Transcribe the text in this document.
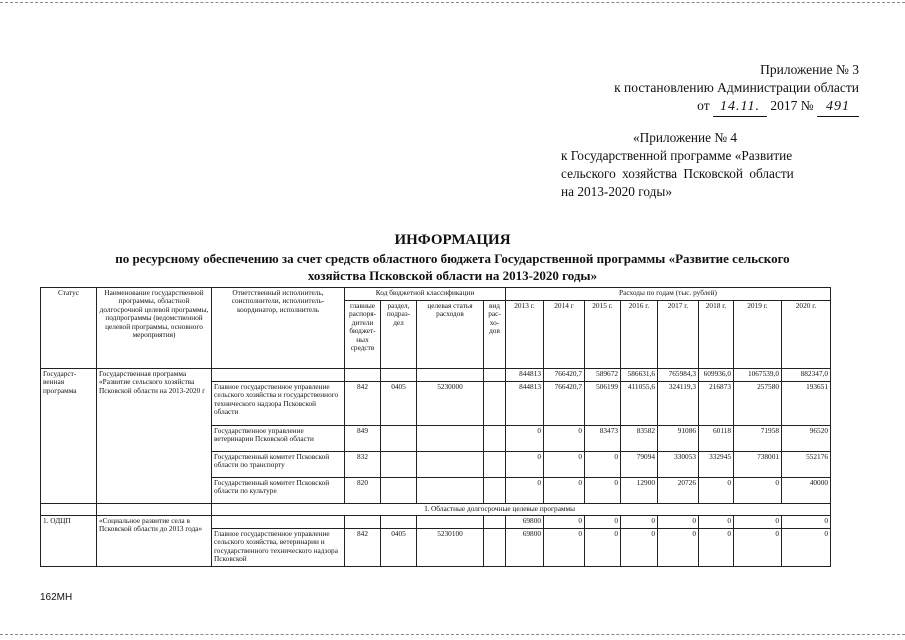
Приложение № 3
к постановлению Администрации области
от 14.11. 2017 № 491
«Приложение № 4
к Государственной программе «Развитие
сельского хозяйства Псковской области
на 2013-2020 годы»
ИНФОРМАЦИЯ
по ресурсному обеспечению за счет средств областного бюджета Государственной программы «Развитие сельского
хозяйства Псковской области на 2013-2020 годы»
Статус	Наименование государственной программы, областной долгосрочной целевой программы, подпрограммы (ведомственной целевой программы, основного мероприятия)	Ответственный исполнитель, соисполнители, исполнитель-координатор, исполнитель	Код бюджетной классификации				Расходы по годам (тыс. рублей)							
			главные распоря-дители бюджет-ных средств	раздел, подраз-дел	целевая статья расходов	вид рас-хо-дов	2013 г.	2014 г	2015 г.	2016 г.	2017 г.	2018 г.	2019 г.	2020 г.
Государст-венная программа	Государственная программа «Развитие сельского хозяйства Псковской области на 2013-2020 г						844813	766420,7	589672	586631,6	765984,3	609936,0	1067539,0	882347,0
		Главное государственное управление сельского хозяйства и государственного технического надзора Псковской области	842	0405	5230000		844813	766420,7	506199	411055,6	324119,3	216873	257580	193651
		Государственное управление ветеринарии Псковской области	849				0	0	83473	83582	91086	60118	71958	96520
		Государственный комитет Псковской области по транспорту	832				0	0	0	79094	330053	332945	738001	552176
		Государственный комитет Псковской области по культуре	820				0	0	0	12900	20726	0	0	40000
		I. Областные долгосрочные целевые программы												
1. ОДЦП	«Социальное развитие села в Псковской области до 2013 года»						69800	0	0	0	0	0	0	0
		Главное государственное управление сельского хозяйства, ветеринарии и государственного технического надзора Псковской	842	0405	5230100		69800	0	0	0	0	0	0	0
162МН
